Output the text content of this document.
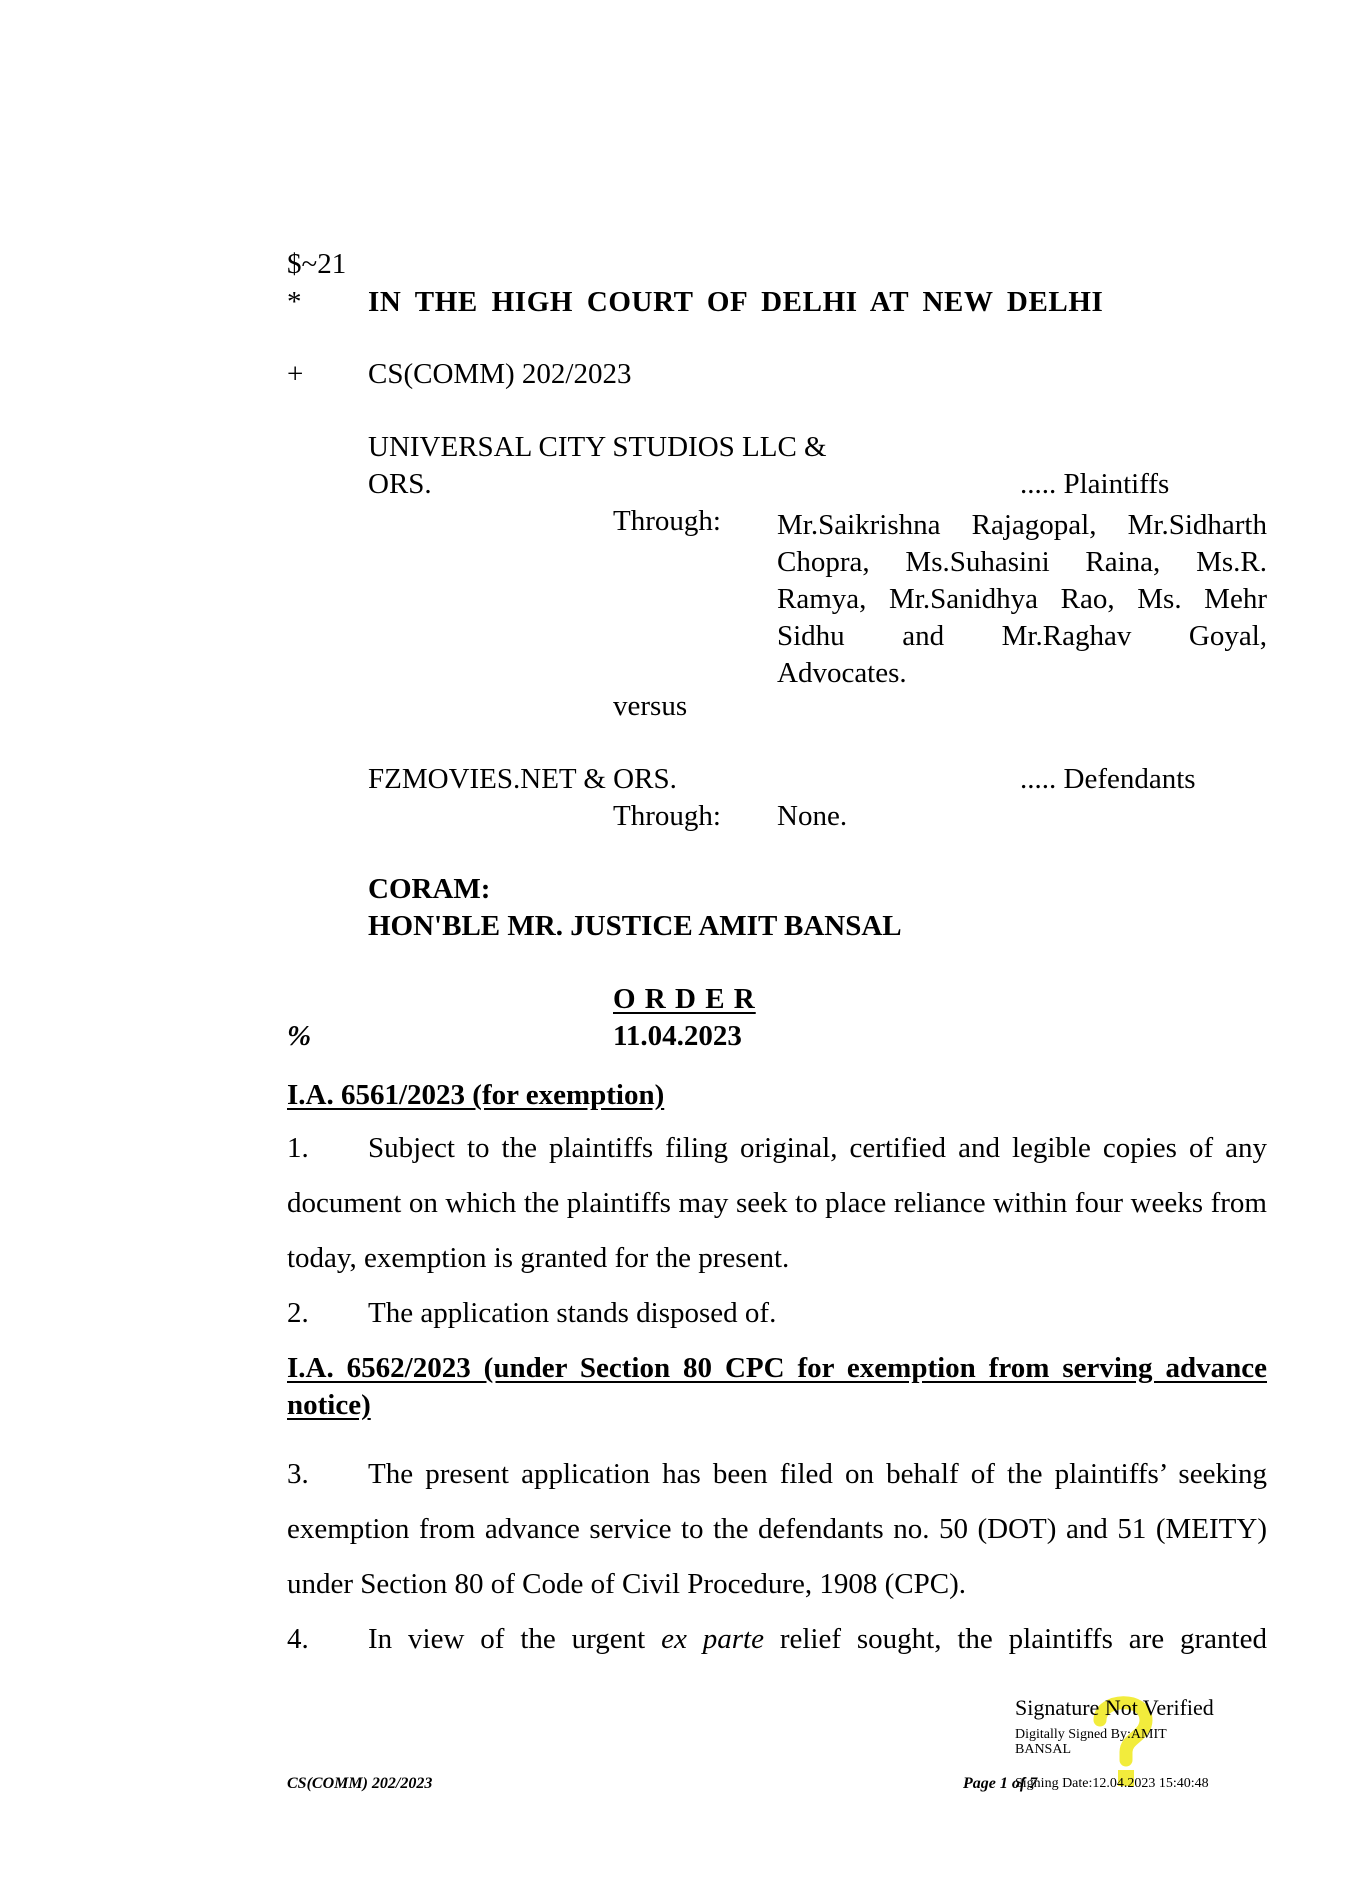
$~21
* IN THE HIGH COURT OF DELHI AT NEW DELHI
+ CS(COMM) 202/2023
UNIVERSAL CITY STUDIOS LLC &
ORS.	..... Plaintiffs
Through: Mr.Saikrishna Rajagopal, Mr.Sidharth
Chopra, Ms.Suhasini Raina, Ms.R.
Ramya, Mr.Sanidhya Rao, Ms. Mehr
Sidhu and Mr.Raghav Goyal,
Advocates.
versus
FZMOVIES.NET & ORS.	..... Defendants
Through: None.
CORAM:
HON'BLE MR. JUSTICE AMIT BANSAL
O R D E R
%	11.04.2023
I.A. 6561/2023 (for exemption)
1. Subject to the plaintiffs filing original, certified and legible copies of any document on which the plaintiffs may seek to place reliance within four weeks from today, exemption is granted for the present.
2. The application stands disposed of.
I.A. 6562/2023 (under Section 80 CPC for exemption from serving advance notice)
3. The present application has been filed on behalf of the plaintiffs’ seeking exemption from advance service to the defendants no. 50 (DOT) and 51 (MEITY) under Section 80 of Code of Civil Procedure, 1908 (CPC).
4. In view of the urgent ex parte relief sought, the plaintiffs are granted
Signature Not Verified
Digitally Signed By:AMIT
BANSAL
CS(COMM) 202/2023	Page 1 of 7
Signing Date:12.04.2023 15:40:48
